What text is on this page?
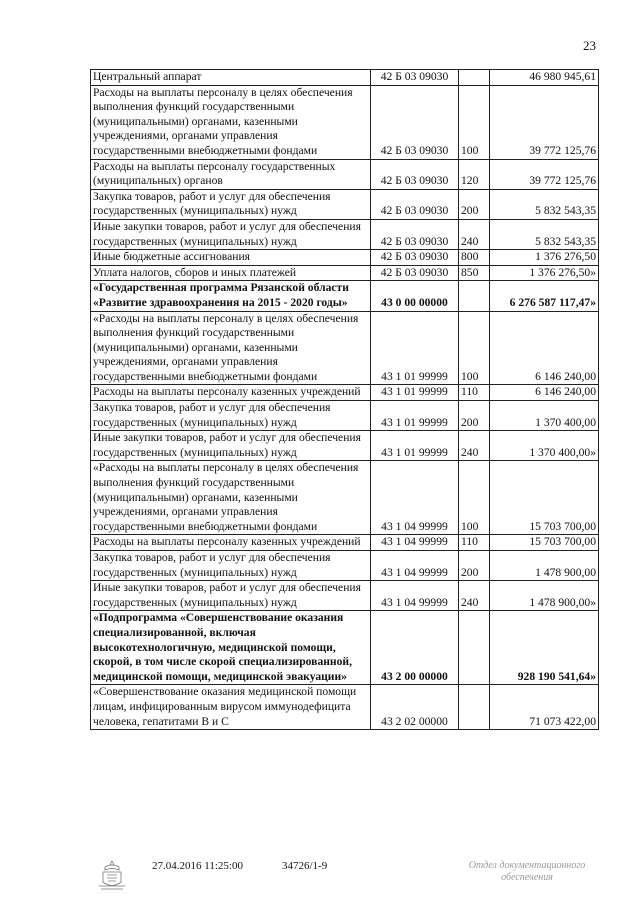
23
Центральный аппарат	42 Б 03 09030		46 980 945,61
Расходы на выплаты персоналу в целях обеспечения выполнения функций государственными (муниципальными) органами, казенными учреждениями, органами управления государственными внебюджетными фондами	42 Б 03 09030	100	39 772 125,76
Расходы на выплаты персоналу государственных (муниципальных) органов	42 Б 03 09030	120	39 772 125,76
Закупка товаров, работ и услуг для обеспечения государственных (муниципальных) нужд	42 Б 03 09030	200	5 832 543,35
Иные закупки товаров, работ и услуг для обеспечения государственных (муниципальных) нужд	42 Б 03 09030	240	5 832 543,35
Иные бюджетные ассигнования	42 Б 03 09030	800	1 376 276,50
Уплата налогов, сборов и иных платежей	42 Б 03 09030	850	1 376 276,50»
«Государственная программа Рязанской области «Развитие здравоохранения на 2015 - 2020 годы»	43 0 00 00000		6 276 587 117,47»
«Расходы на выплаты персоналу в целях обеспечения выполнения функций государственными (муниципальными) органами, казенными учреждениями, органами управления государственными внебюджетными фондами	43 1 01 99999	100	6 146 240,00
Расходы на выплаты персоналу казенных учреждений	43 1 01 99999	110	6 146 240,00
Закупка товаров, работ и услуг для обеспечения государственных (муниципальных) нужд	43 1 01 99999	200	1 370 400,00
Иные закупки товаров, работ и услуг для обеспечения государственных (муниципальных) нужд	43 1 01 99999	240	1 370 400,00»
«Расходы на выплаты персоналу в целях обеспечения выполнения функций государственными (муниципальными) органами, казенными учреждениями, органами управления государственными внебюджетными фондами	43 1 04 99999	100	15 703 700,00
Расходы на выплаты персоналу казенных учреждений	43 1 04 99999	110	15 703 700,00
Закупка товаров, работ и услуг для обеспечения государственных (муниципальных) нужд	43 1 04 99999	200	1 478 900,00
Иные закупки товаров, работ и услуг для обеспечения государственных (муниципальных) нужд	43 1 04 99999	240	1 478 900,00»
«Подпрограмма «Совершенствование оказания специализированной, включая высокотехнологичную, медицинской помощи, скорой, в том числе скорой специализированной, медицинской помощи, медицинской эвакуации»	43 2 00 00000		928 190 541,64»
«Совершенствование оказания медицинской помощи лицам, инфицированным вирусом иммунодефицита человека, гепатитами В и С	43 2 02 00000		71 073 422,00
27.04.2016 11:25:00	34726/1-9	Отдел документационного обеспечения
